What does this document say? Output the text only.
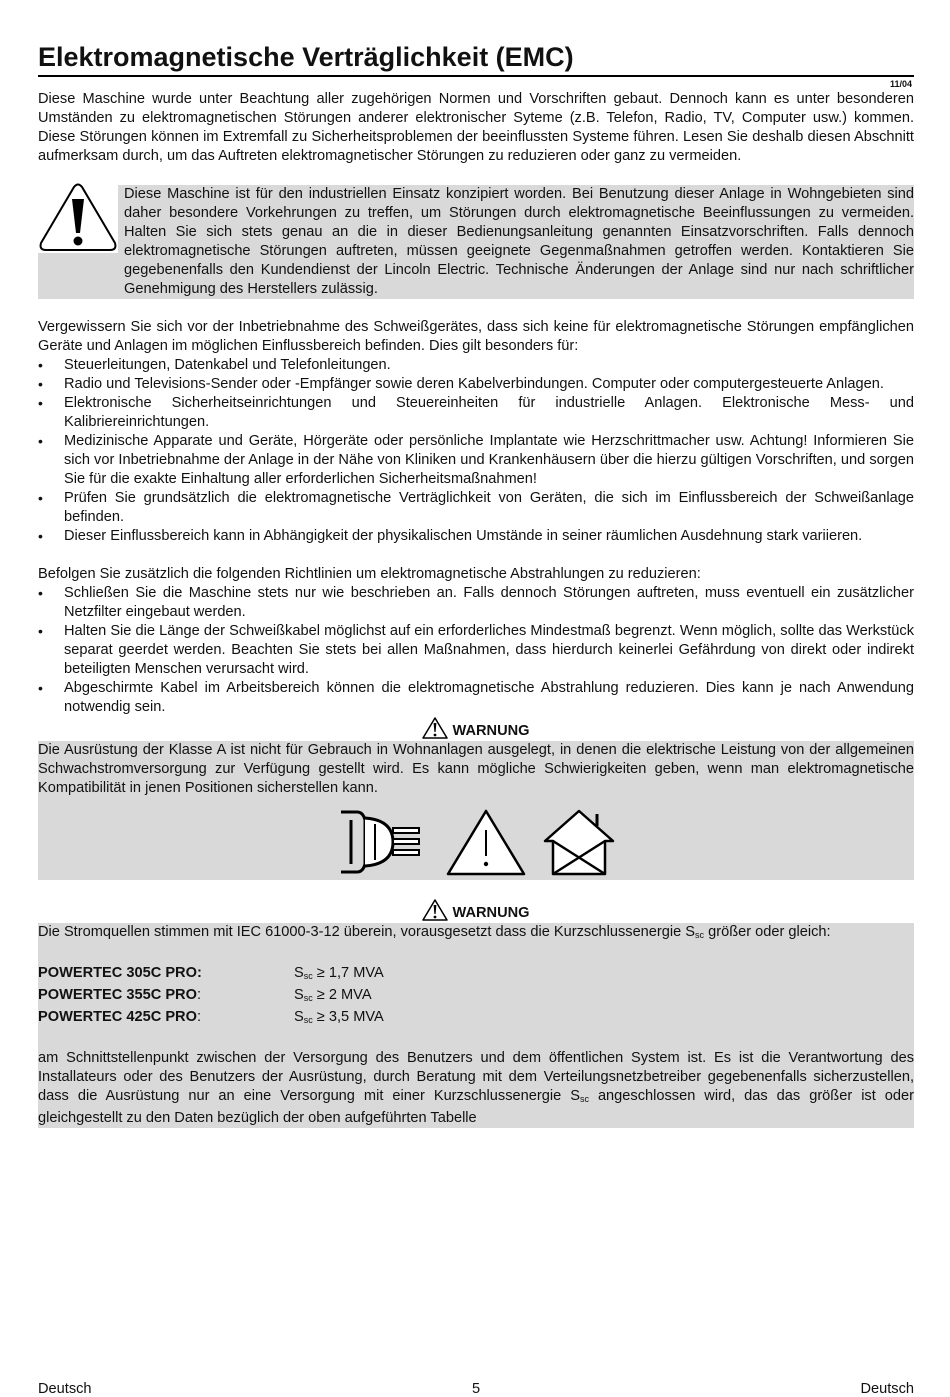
Elektromagnetische Verträglichkeit (EMC)
11/04

Diese Maschine wurde unter Beachtung aller zugehörigen Normen und Vorschriften gebaut. Dennoch kann es unter besonderen Umständen zu elektromagnetischen Störungen anderer elektronischer Syteme (z.B. Telefon, Radio, TV, Computer usw.) kommen. Diese Störungen können im Extremfall zu Sicherheitsproblemen der beeinflussten Systeme führen. Lesen Sie deshalb diesen Abschnitt aufmerksam durch, um das Auftreten elektromagnetischer Störungen zu reduzieren oder ganz zu vermeiden.

Diese Maschine ist für den industriellen Einsatz konzipiert worden. Bei Benutzung dieser Anlage in Wohngebieten sind daher besondere Vorkehrungen zu treffen, um Störungen durch elektromagnetische Beeinflussungen zu vermeiden. Halten Sie sich stets genau an die in dieser Bedienungsanleitung genannten Einsatzvorschriften. Falls dennoch elektromagnetische Störungen auftreten, müssen geeignete Gegenmaßnahmen getroffen werden. Kontaktieren Sie gegebenenfalls den Kundendienst der Lincoln Electric. Technische Änderungen der Anlage sind nur nach schriftlicher Genehmigung des Herstellers zulässig.

Vergewissern Sie sich vor der Inbetriebnahme des Schweißgerätes, dass sich keine für elektromagnetische Störungen empfänglichen Geräte und Anlagen im möglichen Einflussbereich befinden. Dies gilt besonders für:

• Steuerleitungen, Datenkabel und Telefonleitungen.
• Radio und Televisions-Sender oder -Empfänger sowie deren Kabelverbindungen. Computer oder computergesteuerte Anlagen.
• Elektronische Sicherheitseinrichtungen und Steuereinheiten für industrielle Anlagen. Elektronische Mess- und Kalibriereinrichtungen.
• Medizinische Apparate und Geräte, Hörgeräte oder persönliche Implantate wie Herzschrittmacher usw. Achtung! Informieren Sie sich vor Inbetriebnahme der Anlage in der Nähe von Kliniken und Krankenhäusern über die hierzu gültigen Vorschriften, und sorgen Sie für die exakte Einhaltung aller erforderlichen Sicherheitsmaßnahmen!
• Prüfen Sie grundsätzlich die elektromagnetische Verträglichkeit von Geräten, die sich im Einflussbereich der Schweißanlage befinden.
• Dieser Einflussbereich kann in Abhängigkeit der physikalischen Umstände in seiner räumlichen Ausdehnung stark variieren.

Befolgen Sie zusätzlich die folgenden Richtlinien um elektromagnetische Abstrahlungen zu reduzieren:

• Schließen Sie die Maschine stets nur wie beschrieben an. Falls dennoch Störungen auftreten, muss eventuell ein zusätzlicher Netzfilter eingebaut werden.
• Halten Sie die Länge der Schweißkabel möglichst auf ein erforderliches Mindestmaß begrenzt. Wenn möglich, sollte das Werkstück separat geerdet werden. Beachten Sie stets bei allen Maßnahmen, dass hierdurch keinerlei Gefährdung von direkt oder indirekt beteiligten Menschen verursacht wird.
• Abgeschirmte Kabel im Arbeitsbereich können die elektromagnetische Abstrahlung reduzieren. Dies kann je nach Anwendung notwendig sein.
WARNUNG

Die Ausrüstung der Klasse A ist nicht für Gebrauch in Wohnanlagen ausgelegt, in denen die elektrische Leistung von der allgemeinen Schwachstromversorgung zur Verfügung gestellt wird. Es kann mögliche Schwierigkeiten geben, wenn man elektromagnetische Kompatibilität in jenen Positionen sicherstellen kann.

WARNUNG

Die Stromquellen stimmen mit IEC 61000-3-12 überein, vorausgesetzt dass die Kurzschlussenergie $S_{sc}$ größer oder gleich:

POWERTEC 305C PRO:	$S_{sc} \ge 1,7$ MVA
POWERTEC 355C PRO:	$S_{sc} \ge 2$ MVA
POWERTEC 425C PRO:	$S_{sc} \ge 3,5$ MVA

am Schnittstellenpunkt zwischen der Versorgung des Benutzers und dem öffentlichen System ist. Es ist die Verantwortung des Installateurs oder des Benutzers der Ausrüstung, durch Beratung mit dem Verteilungsnetzbetreiber gegebenenfalls sicherzustellen, dass die Ausrüstung nur an eine Versorgung mit einer Kurzschlussenergie $S_{sc}$ angeschlossen wird, das das größer ist oder gleichgestellt zu den Daten bezüglich der oben aufgeführten Tabelle

Deutsch	5	Deutsch
